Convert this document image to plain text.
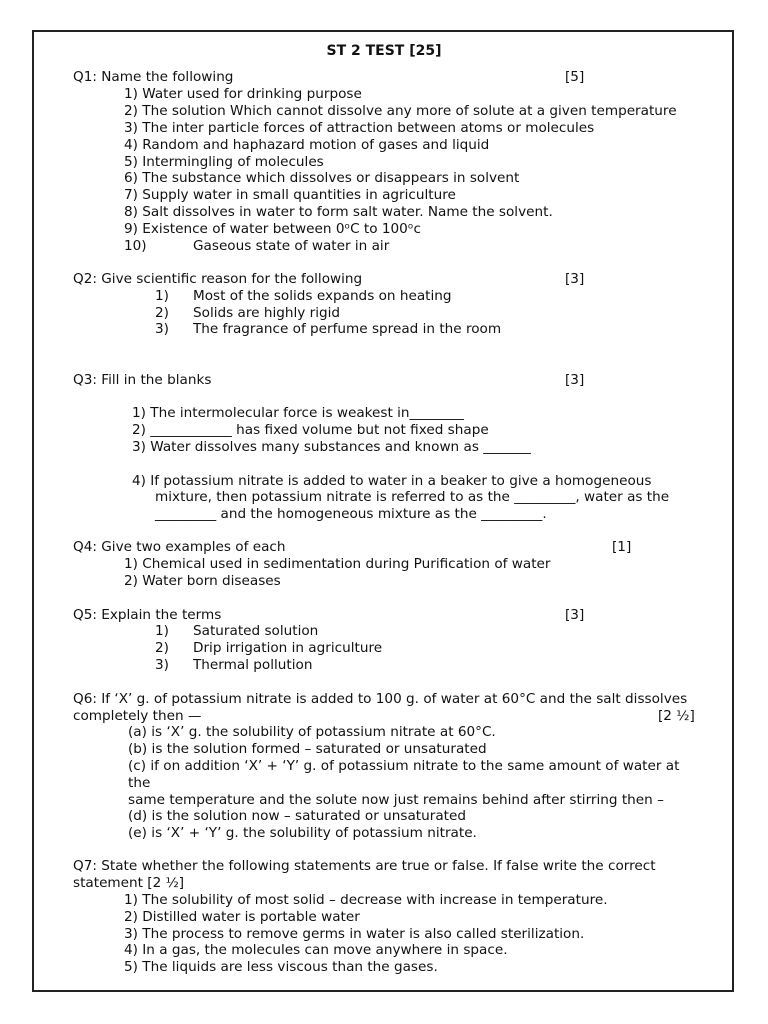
ST 2 TEST [25]
Q1: Name the following	[5]
1) Water used for drinking purpose
2) The solution Which cannot dissolve any more of solute at a given temperature
3) The inter particle forces of attraction between atoms or molecules
4) Random and haphazard motion of gases and liquid
5) Intermingling of molecules
6) The substance which dissolves or disappears in solvent
7) Supply water in small quantities in agriculture
8) Salt dissolves in water to form salt water. Name the solvent.
9) Existence of water between 0ᵒC to 100ᵒc
10)	Gaseous state of water in air
Q2: Give scientific reason for the following	[3]
1) Most of the solids expands on heating
2) Solids are highly rigid
3) The fragrance of perfume spread in the room
Q3: Fill in the blanks	[3]
1) The intermolecular force is weakest in________
2) ____________ has fixed volume but not fixed shape
3) Water dissolves many substances and known as _______
4) If potassium nitrate is added to water in a beaker to give a homogeneous
mixture, then potassium nitrate is referred to as the _________, water as the
_________ and the homogeneous mixture as the _________.
Q4: Give two examples of each	[1]
1) Chemical used in sedimentation during Purification of water
2) Water born diseases
Q5: Explain the terms	[3]
1) Saturated solution
2) Drip irrigation in agriculture
3) Thermal pollution
Q6: If ‘X’ g. of potassium nitrate is added to 100 g. of water at 60°C and the salt dissolves
completely then —	[2 ½]
(a) is ‘X’ g. the solubility of potassium nitrate at 60°C.
(b) is the solution formed – saturated or unsaturated
(c) if on addition ‘X’ + ‘Y’ g. of potassium nitrate to the same amount of water at
the
same temperature and the solute now just remains behind after stirring then –
(d) is the solution now – saturated or unsaturated
(e) is ‘X’ + ‘Y’ g. the solubility of potassium nitrate.
Q7: State whether the following statements are true or false. If false write the correct
statement [2 ½]
1) The solubility of most solid – decrease with increase in temperature.
2) Distilled water is portable water
3) The process to remove germs in water is also called sterilization.
4) In a gas, the molecules can move anywhere in space.
5) The liquids are less viscous than the gases.
